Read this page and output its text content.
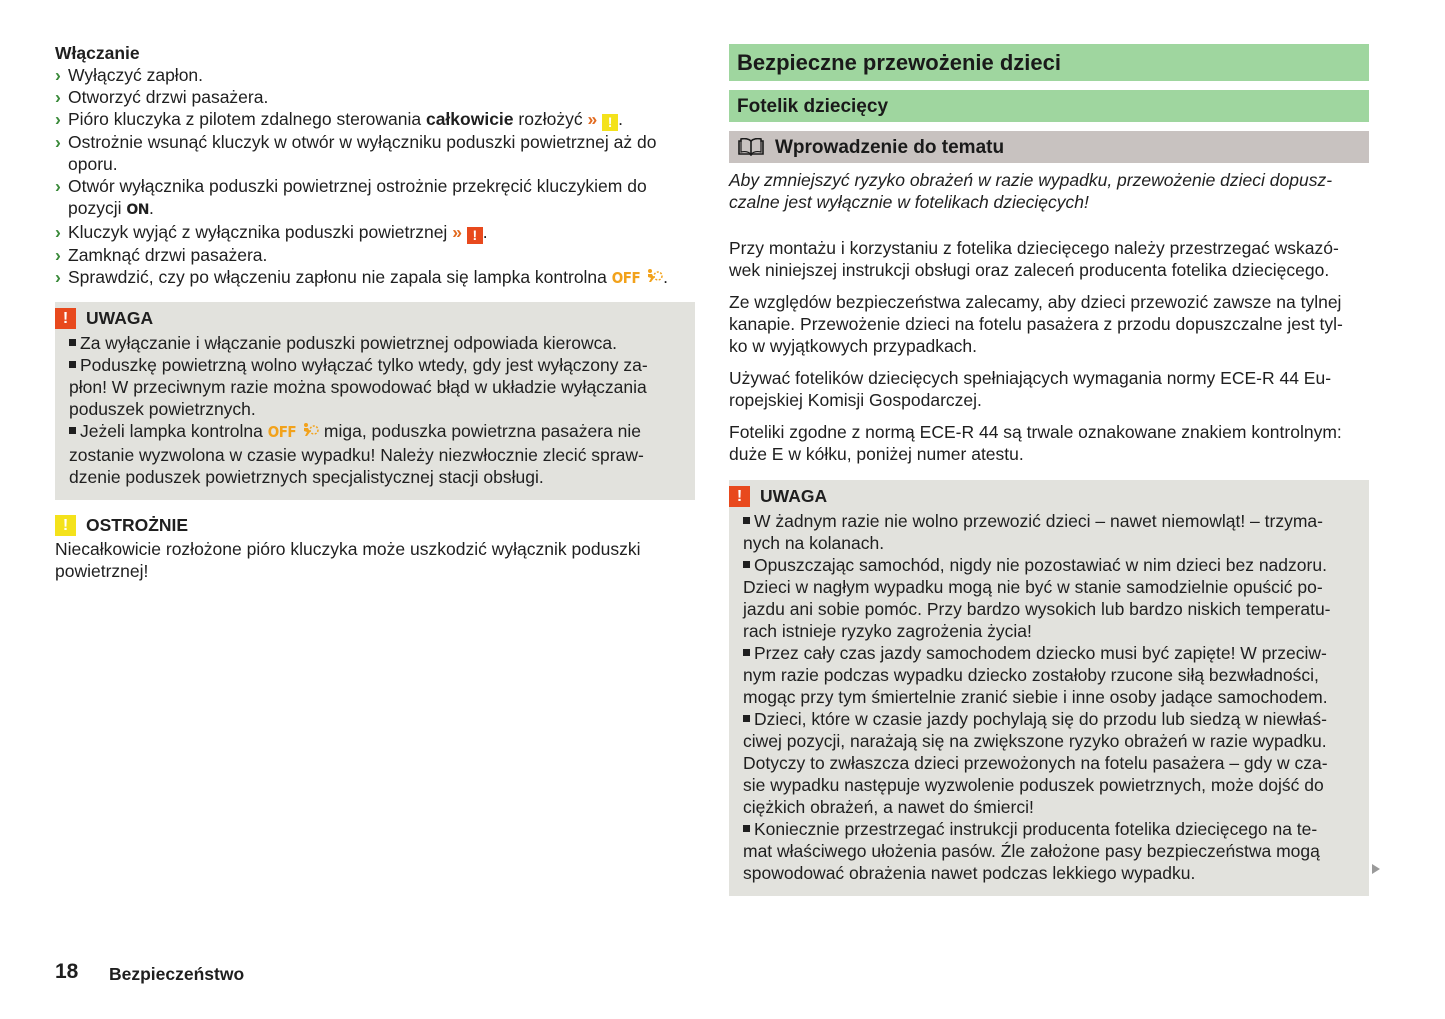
Włączanie

› Wyłączyć zapłon.
› Otworzyć drzwi pasażera.
› Pióro kluczyka z pilotem zdalnego sterowania całkowicie rozłożyć » ! .
› Ostrożnie wsunąć kluczyk w otwór w wyłączniku poduszki powietrznej aż do oporu.
› Otwór wyłącznika poduszki powietrznej ostrożnie przekręcić kluczykiem do pozycji ON.
› Kluczyk wyjąć z wyłącznika poduszki powietrznej » ! .
› Zamknąć drzwi pasażera.
› Sprawdzić, czy po włączeniu zapłonu nie zapala się lampka kontrolna OFF .
!	UWAGA
Za wyłączanie i włączanie poduszki powietrznej odpowiada kierowca.
Poduszkę powietrzną wolno wyłączać tylko wtedy, gdy jest wyłączony za-
płon! W przeciwnym razie można spowodować błąd w układzie wyłączania
poduszek powietrznych.
Jeżeli lampka kontrolna OFF  miga, poduszka powietrzna pasażera nie
zostanie wyzwolona w czasie wypadku! Należy niezwłocznie zlecić spraw-
dzenie poduszek powietrznych specjalistycznej stacji obsługi.
!	OSTROŻNIE

Niecałkowicie rozłożone pióro kluczyka może uszkodzić wyłącznik poduszki powietrznej!

Bezpieczne przewożenie dzieci
Fotelik dziecięcy
Wprowadzenie do tematu
Aby zmniejszyć ryzyko obrażeń w razie wypadku, przewożenie dzieci dopusz-
czalne jest wyłącznie w fotelikach dziecięcych!
Przy montażu i korzystaniu z fotelika dziecięcego należy przestrzegać wskazó-
wek niniejszej instrukcji obsługi oraz zaleceń producenta fotelika dziecięcego.
Ze względów bezpieczeństwa zalecamy, aby dzieci przewozić zawsze na tylnej
kanapie. Przewożenie dzieci na fotelu pasażera z przodu dopuszczalne jest tyl-
ko w wyjątkowych przypadkach.
Używać fotelików dziecięcych spełniających wymagania normy ECE-R 44 Eu-
ropejskiej Komisji Gospodarczej.
Foteliki zgodne z normą ECE-R 44 są trwale oznakowane znakiem kontrolnym:
duże E w kółku, poniżej numer atestu.
!	UWAGA
W żadnym razie nie wolno przewozić dzieci – nawet niemowląt! – trzyma-
nych na kolanach.
Opuszczając samochód, nigdy nie pozostawiać w nim dzieci bez nadzoru.
Dzieci w nagłym wypadku mogą nie być w stanie samodzielnie opuścić po-
jazdu ani sobie pomóc. Przy bardzo wysokich lub bardzo niskich temperatu-
rach istnieje ryzyko zagrożenia życia!
Przez cały czas jazdy samochodem dziecko musi być zapięte! W przeciw-
nym razie podczas wypadku dziecko zostałoby rzucone siłą bezwładności,
mogąc przy tym śmiertelnie zranić siebie i inne osoby jadące samochodem.
Dzieci, które w czasie jazdy pochylają się do przodu lub siedzą w niewłaś-
ciwej pozycji, narażają się na zwiększone ryzyko obrażeń w razie wypadku.
Dotyczy to zwłaszcza dzieci przewożonych na fotelu pasażera – gdy w cza-
sie wypadku następuje wyzwolenie poduszek powietrznych, może dojść do
ciężkich obrażeń, a nawet do śmierci!
Koniecznie przestrzegać instrukcji producenta fotelika dziecięcego na te-
mat właściwego ułożenia pasów. Źle założone pasy bezpieczeństwa mogą
spowodować obrażenia nawet podczas lekkiego wypadku.
18 Bezpieczeństwo
